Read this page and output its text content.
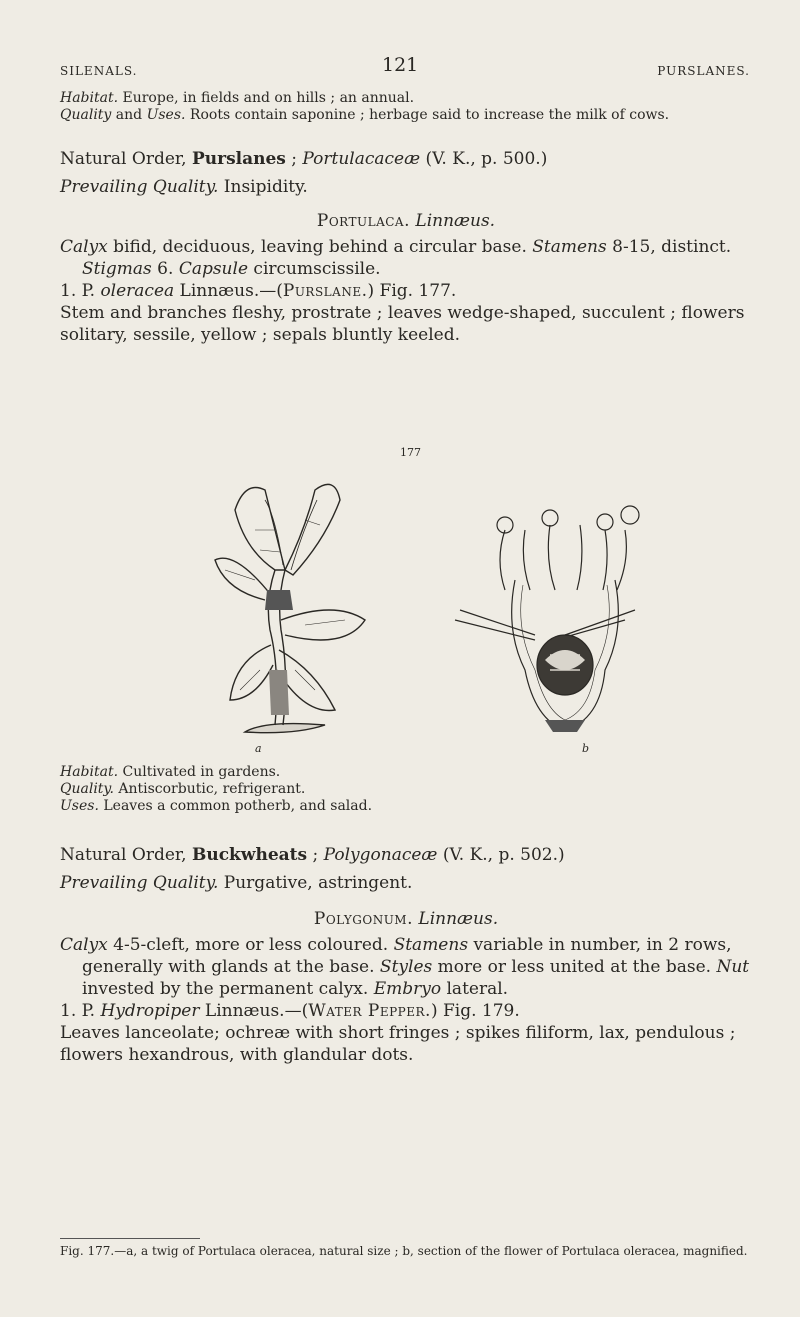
SILENALS.	121	PURSLANES.
Habitat. Europe, in fields and on hills ; an annual.
Quality and Uses. Roots contain saponine ; herbage said to increase the milk of cows.
Natural Order, Purslanes ; Portulacaceæ (V. K., p. 500.)
Prevailing Quality. Insipidity.
Portulaca. Linnæus.
Calyx bifid, deciduous, leaving behind a circular base. Stamens 8-15, distinct. Stigmas 6. Capsule circumscissile.
1. P. oleracea Linnæus.—(Purslane.) Fig. 177.
Stem and branches fleshy, prostrate ; leaves wedge-shaped, succulent ; flowers solitary, sessile, yellow ; sepals bluntly keeled.
177
a	b
Habitat. Cultivated in gardens.
Quality. Antiscorbutic, refrigerant.
Uses. Leaves a common potherb, and salad.
Natural Order, Buckwheats ; Polygonaceæ (V. K., p. 502.)
Prevailing Quality. Purgative, astringent.
Polygonum. Linnæus.
Calyx 4-5-cleft, more or less coloured. Stamens variable in number, in 2 rows, generally with glands at the base. Styles more or less united at the base. Nut invested by the permanent calyx. Embryo lateral.
1. P. Hydropiper Linnæus.—(Water Pepper.) Fig. 179.
Leaves lanceolate; ochreæ with short fringes ; spikes filiform, lax, pendulous ; flowers hexandrous, with glandular dots.
Fig. 177.—a, a twig of Portulaca oleracea, natural size ; b, section of the flower of Portulaca oleracea, magnified.
